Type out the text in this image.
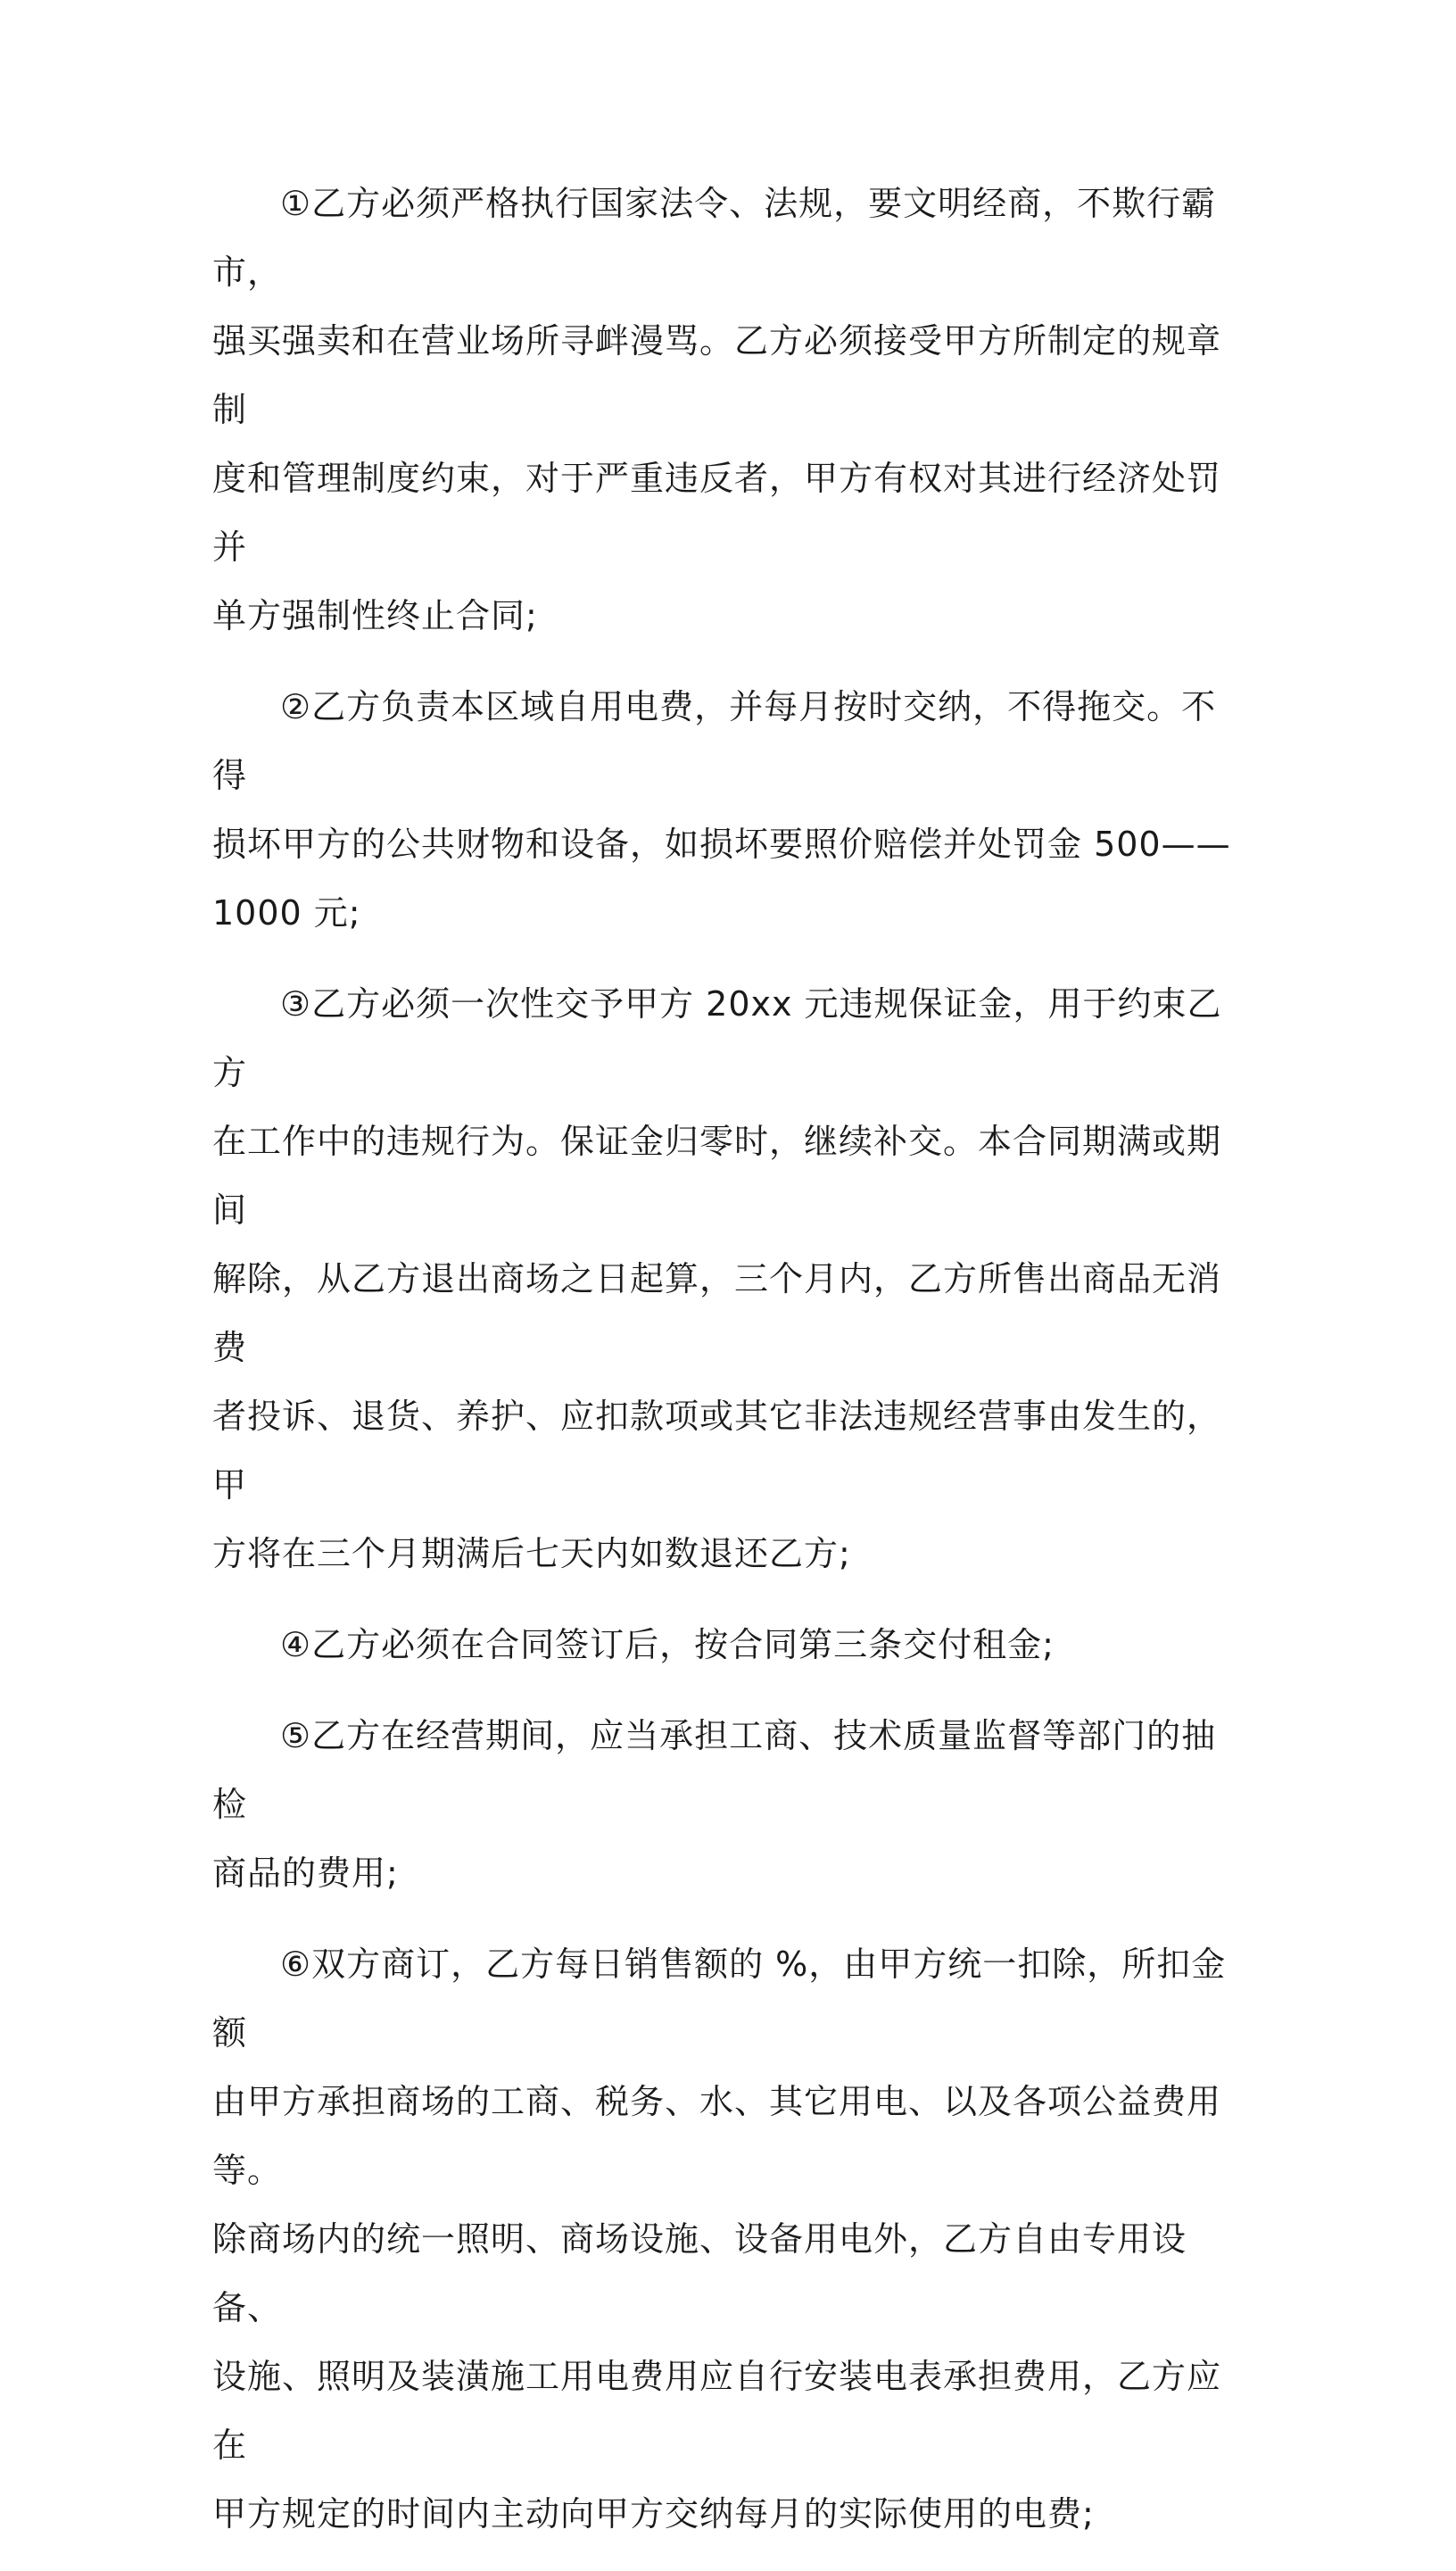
①乙方必须严格执行国家法令、法规，要文明经商，不欺行霸市，
强买强卖和在营业场所寻衅漫骂。乙方必须接受甲方所制定的规章制
度和管理制度约束，对于严重违反者，甲方有权对其进行经济处罚并
单方强制性终止合同;

②乙方负责本区域自用电费，并每月按时交纳，不得拖交。不得
损坏甲方的公共财物和设备，如损坏要照价赔偿并处罚金 500——
1000 元;

③乙方必须一次性交予甲方 20xx 元违规保证金，用于约束乙方
在工作中的违规行为。保证金归零时，继续补交。本合同期满或期间
解除，从乙方退出商场之日起算，三个月内，乙方所售出商品无消费
者投诉、退货、养护、应扣款项或其它非法违规经营事由发生的，甲
方将在三个月期满后七天内如数退还乙方;

④乙方必须在合同签订后，按合同第三条交付租金;

⑤乙方在经营期间，应当承担工商、技术质量监督等部门的抽检
商品的费用;

⑥双方商订，乙方每日销售额的 %，由甲方统一扣除，所扣金额
由甲方承担商场的工商、税务、水、其它用电、以及各项公益费用等。
除商场内的统一照明、商场设施、设备用电外，乙方自由专用设备、
设施、照明及装潢施工用电费用应自行安装电表承担费用，乙方应在
甲方规定的时间内主动向甲方交纳每月的实际使用的电费;
